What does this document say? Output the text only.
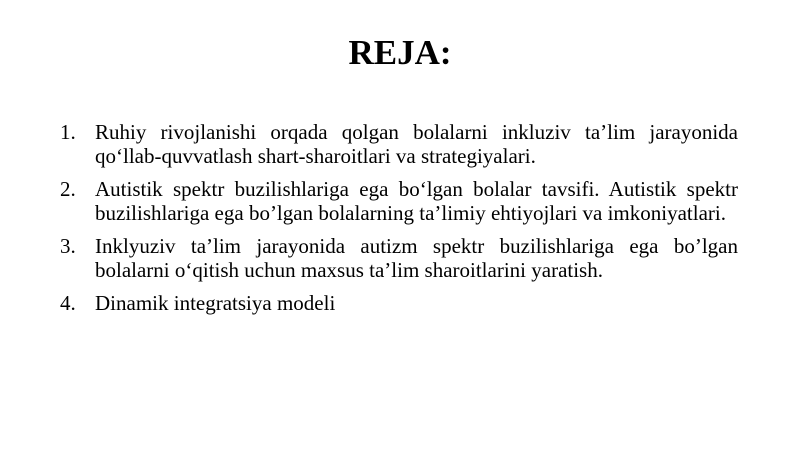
REJA:
1. Ruhiy rivojlanishi orqada qolgan bolalarni inkluziv ta’lim jarayonida qo‘llab-quvvatlash shart-sharoitlari va strategiyalari.
2. Autistik spektr buzilishlariga ega bo‘lgan bolalar tavsifi. Autistik spektr buzilishlariga ega bo’lgan bolalarning ta’limiy ehtiyojlari va imkoniyatlari.
3. Inklyuziv ta’lim jarayonida autizm spektr buzilishlariga ega bo’lgan bolalarni o‘qitish uchun maxsus ta’lim sharoitlarini yaratish.
4. Dinamik integratsiya modeli
